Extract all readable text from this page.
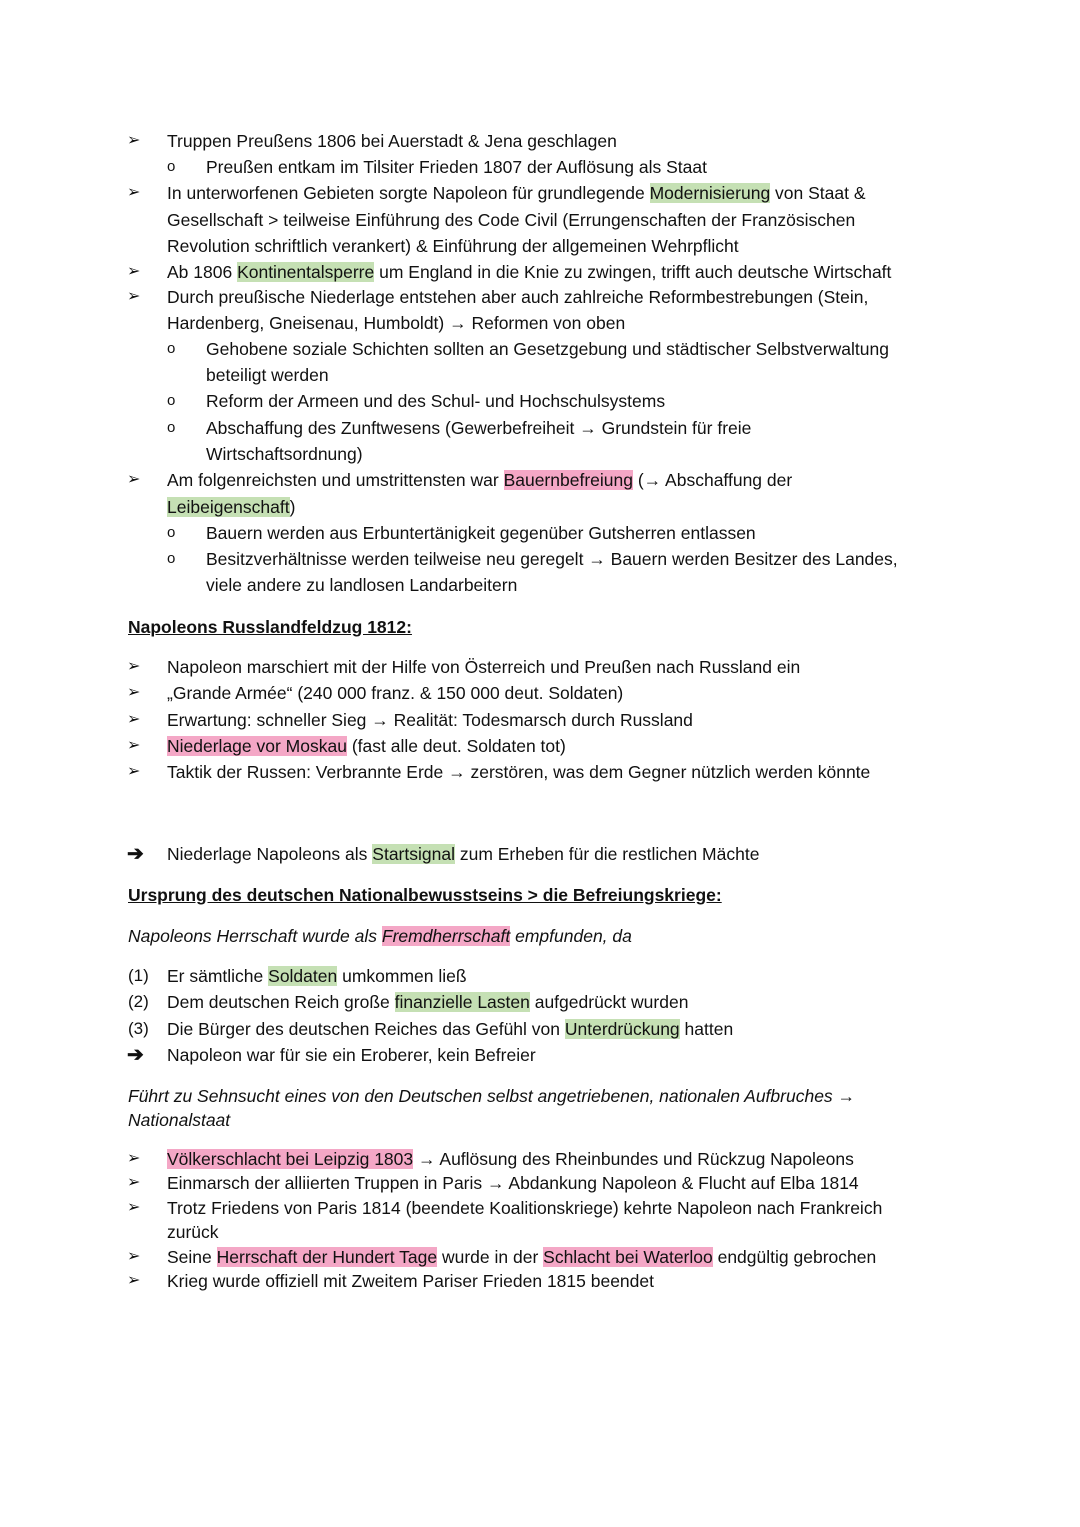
➢	Truppen Preußens 1806 bei Auerstadt & Jena geschlagen
o	Preußen entkam im Tilsiter Frieden 1807 der Auflösung als Staat
➢	In unterworfenen Gebieten sorgte Napoleon für grundlegende Modernisierung von Staat &
Gesellschaft > teilweise Einführung des Code Civil (Errungenschaften der Französischen
Revolution schriftlich verankert) & Einführung der allgemeinen Wehrpflicht
➢	Ab 1806 Kontinentalsperre um England in die Knie zu zwingen, trifft auch deutsche Wirtschaft
➢	Durch preußische Niederlage entstehen aber auch zahlreiche Reformbestrebungen (Stein,
Hardenberg, Gneisenau, Humboldt) → Reformen von oben
o	Gehobene soziale Schichten sollten an Gesetzgebung und städtischer Selbstverwaltung
beteiligt werden
o	Reform der Armeen und des Schul- und Hochschulsystems
o	Abschaffung des Zunftwesens (Gewerbefreiheit → Grundstein für freie
Wirtschaftsordnung)
➢	Am folgenreichsten und umstrittensten war Bauernbefreiung (→ Abschaffung der
Leibeigenschaft)
o	Bauern werden aus Erbuntertänigkeit gegenüber Gutsherren entlassen
o	Besitzverhältnisse werden teilweise neu geregelt → Bauern werden Besitzer des Landes,
viele andere zu landlosen Landarbeitern
Napoleons Russlandfeldzug 1812:
➢	Napoleon marschiert mit der Hilfe von Österreich und Preußen nach Russland ein
➢	„Grande Armée“ (240 000 franz. & 150 000 deut. Soldaten)
➢	Erwartung: schneller Sieg → Realität: Todesmarsch durch Russland
➢	Niederlage vor Moskau (fast alle deut. Soldaten tot)
➢	Taktik der Russen: Verbrannte Erde → zerstören, was dem Gegner nützlich werden könnte
➔	Niederlage Napoleons als Startsignal zum Erheben für die restlichen Mächte
Ursprung des deutschen Nationalbewusstseins > die Befreiungskriege:
Napoleons Herrschaft wurde als Fremdherrschaft empfunden, da
(1)	Er sämtliche Soldaten umkommen ließ
(2)	Dem deutschen Reich große finanzielle Lasten aufgedrückt wurden
(3)	Die Bürger des deutschen Reiches das Gefühl von Unterdrückung hatten
➔	Napoleon war für sie ein Eroberer, kein Befreier
Führt zu Sehnsucht eines von den Deutschen selbst angetriebenen, nationalen Aufbruches →
Nationalstaat
➢	Völkerschlacht bei Leipzig 1803 → Auflösung des Rheinbundes und Rückzug Napoleons
➢	Einmarsch der alliierten Truppen in Paris → Abdankung Napoleon & Flucht auf Elba 1814
➢	Trotz Friedens von Paris 1814 (beendete Koalitionskriege) kehrte Napoleon nach Frankreich
zurück
➢	Seine Herrschaft der Hundert Tage wurde in der Schlacht bei Waterloo endgültig gebrochen
➢	Krieg wurde offiziell mit Zweitem Pariser Frieden 1815 beendet
